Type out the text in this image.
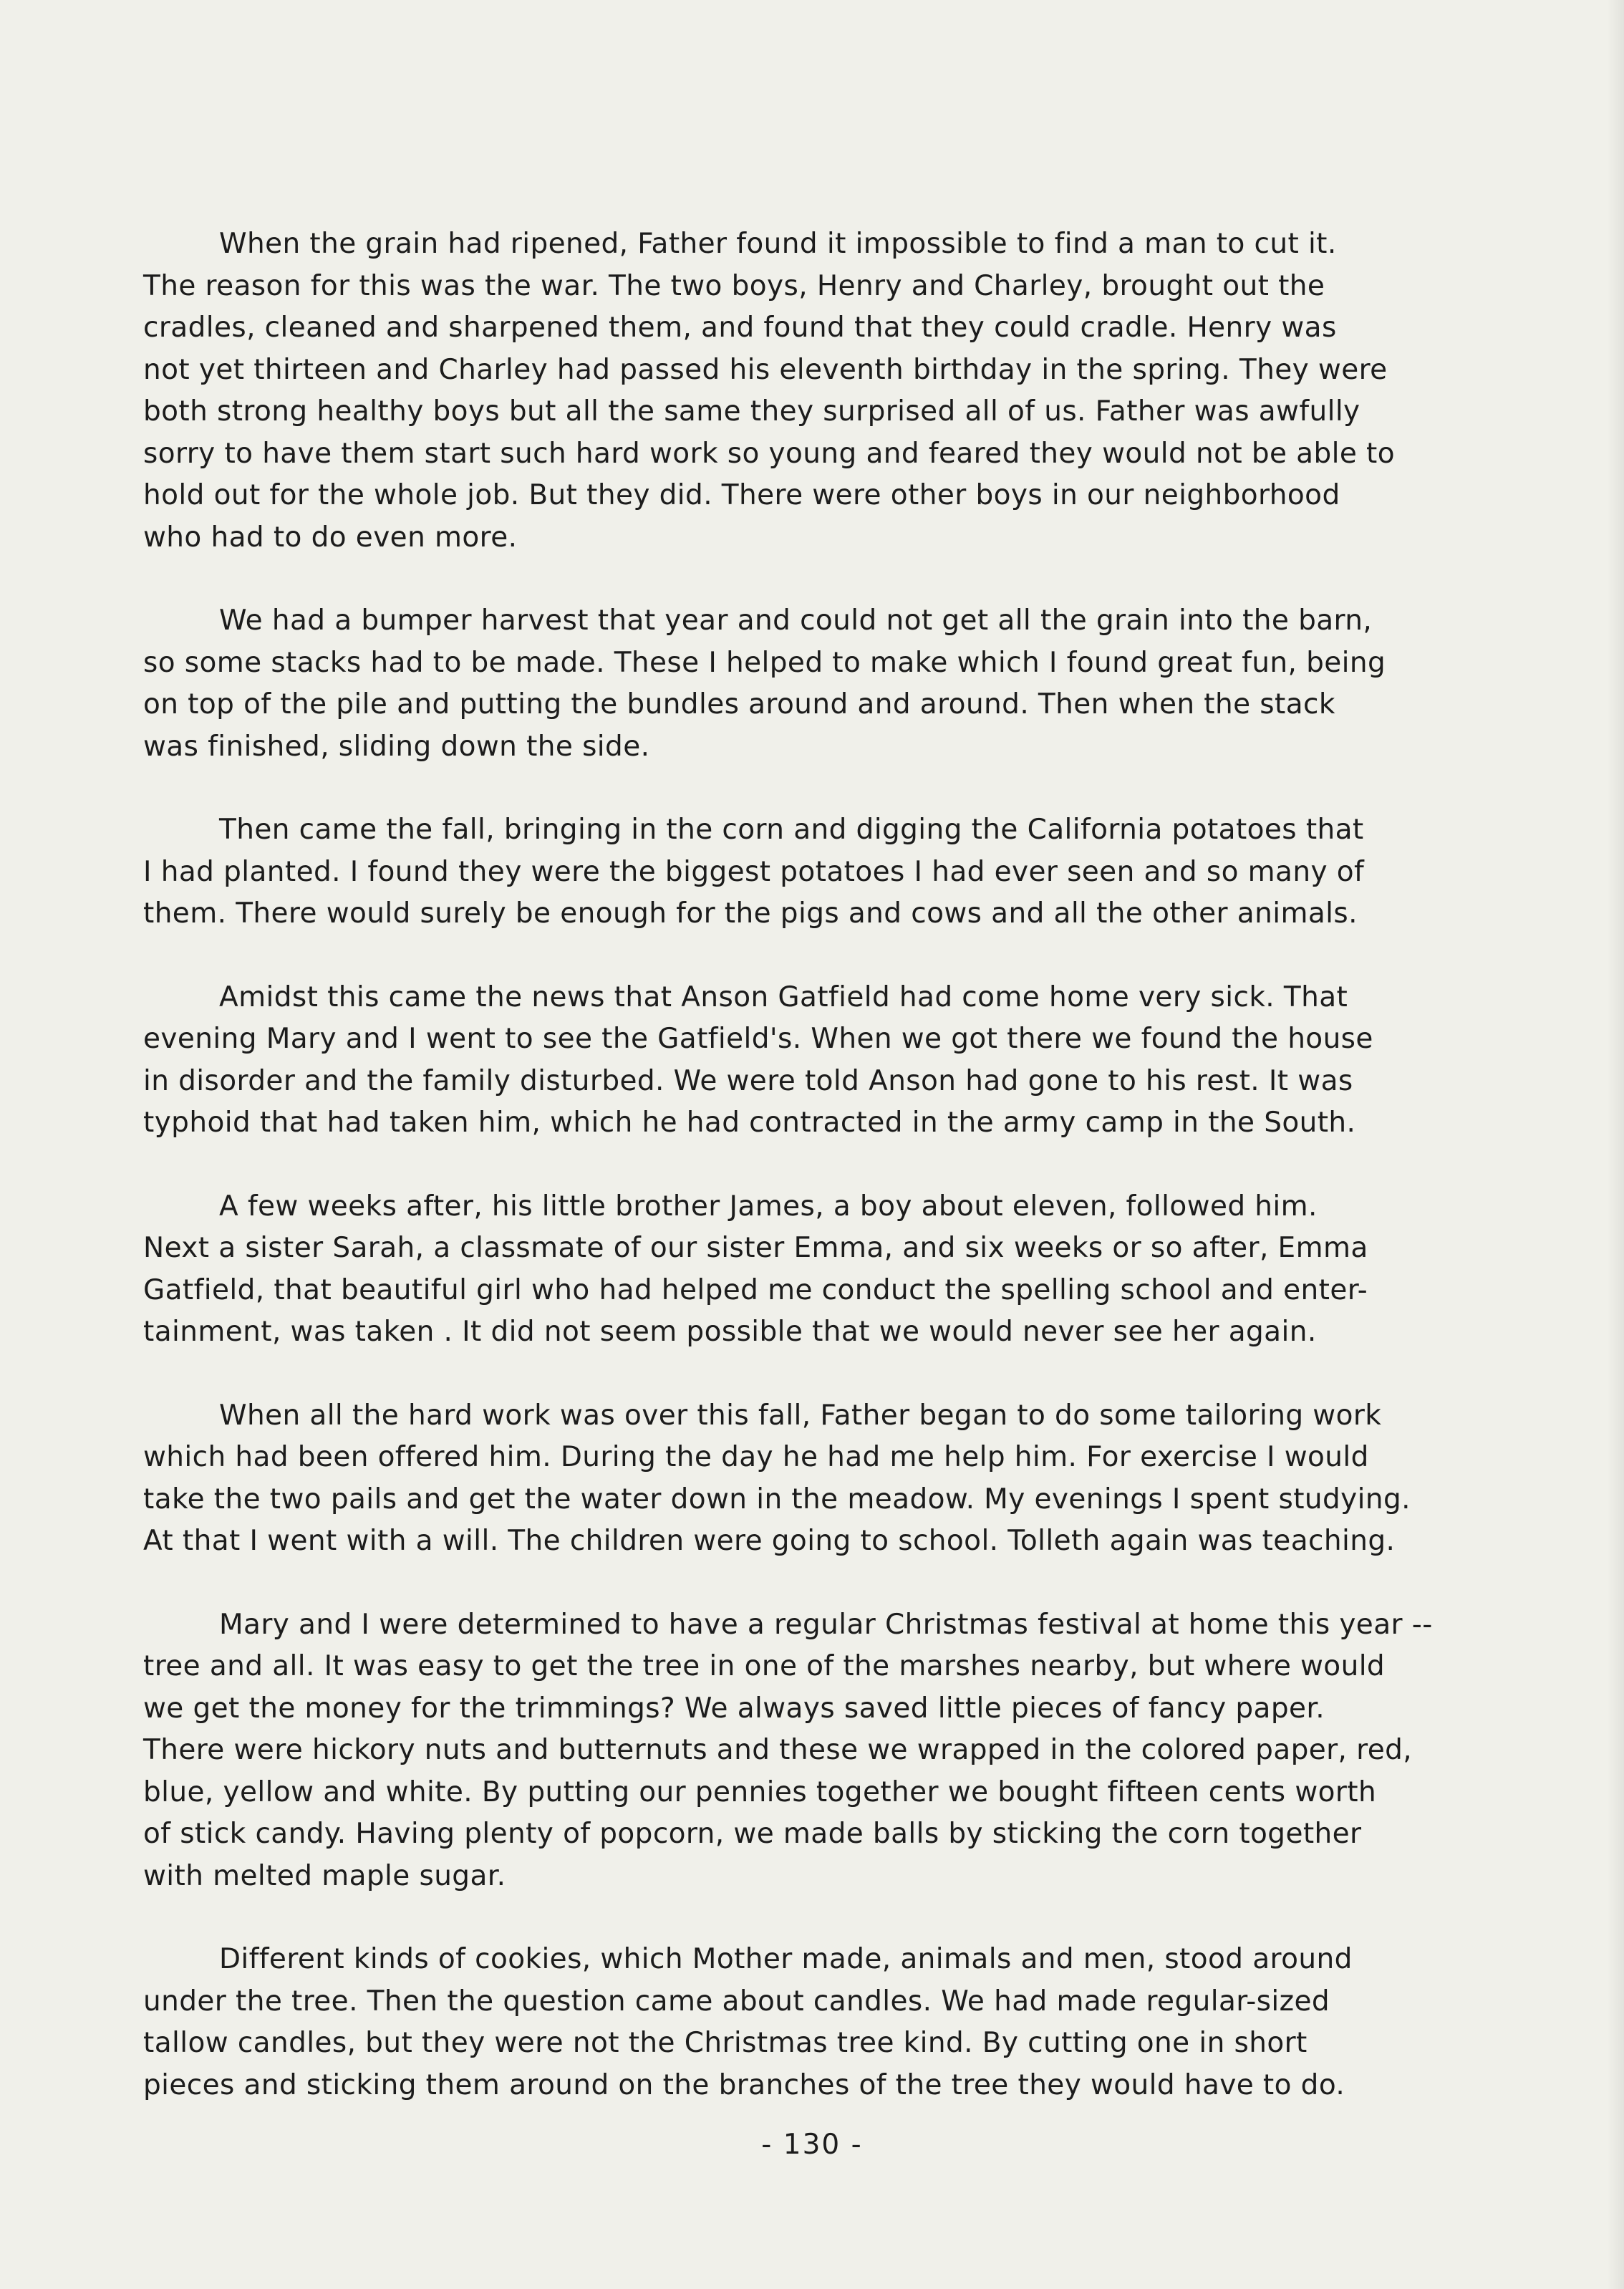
When the grain had ripened, Father found it impossible to find a man to cut it.
The reason for this was the war. The two boys, Henry and Charley, brought out the
cradles, cleaned and sharpened them, and found that they could cradle. Henry was
not yet thirteen and Charley had passed his eleventh birthday in the spring. They were
both strong healthy boys but all the same they surprised all of us. Father was awfully
sorry to have them start such hard work so young and feared they would not be able to
hold out for the whole job. But they did. There were other boys in our neighborhood
who had to do even more.

We had a bumper harvest that year and could not get all the grain into the barn,
so some stacks had to be made. These I helped to make which I found great fun, being
on top of the pile and putting the bundles around and around. Then when the stack
was finished, sliding down the side.

Then came the fall, bringing in the corn and digging the California potatoes that
I had planted. I found they were the biggest potatoes I had ever seen and so many of
them. There would surely be enough for the pigs and cows and all the other animals.

Amidst this came the news that Anson Gatfield had come home very sick. That
evening Mary and I went to see the Gatfield's. When we got there we found the house
in disorder and the family disturbed. We were told Anson had gone to his rest. It was
typhoid that had taken him, which he had contracted in the army camp in the South.

A few weeks after, his little brother James, a boy about eleven, followed him.
Next a sister Sarah, a classmate of our sister Emma, and six weeks or so after, Emma
Gatfield, that beautiful girl who had helped me conduct the spelling school and enter-
tainment, was taken . It did not seem possible that we would never see her again.

When all the hard work was over this fall, Father began to do some tailoring work
which had been offered him. During the day he had me help him. For exercise I would
take the two pails and get the water down in the meadow. My evenings I spent studying.
At that I went with a will. The children were going to school. Tolleth again was teaching.

Mary and I were determined to have a regular Christmas festival at home this year --
tree and all. It was easy to get the tree in one of the marshes nearby, but where would
we get the money for the trimmings? We always saved little pieces of fancy paper.
There were hickory nuts and butternuts and these we wrapped in the colored paper, red,
blue, yellow and white. By putting our pennies together we bought fifteen cents worth
of stick candy. Having plenty of popcorn, we made balls by sticking the corn together
with melted maple sugar.

Different kinds of cookies, which Mother made, animals and men, stood around
under the tree. Then the question came about candles. We had made regular-sized
tallow candles, but they were not the Christmas tree kind. By cutting one in short
pieces and sticking them around on the branches of the tree they would have to do.

- 130 -
